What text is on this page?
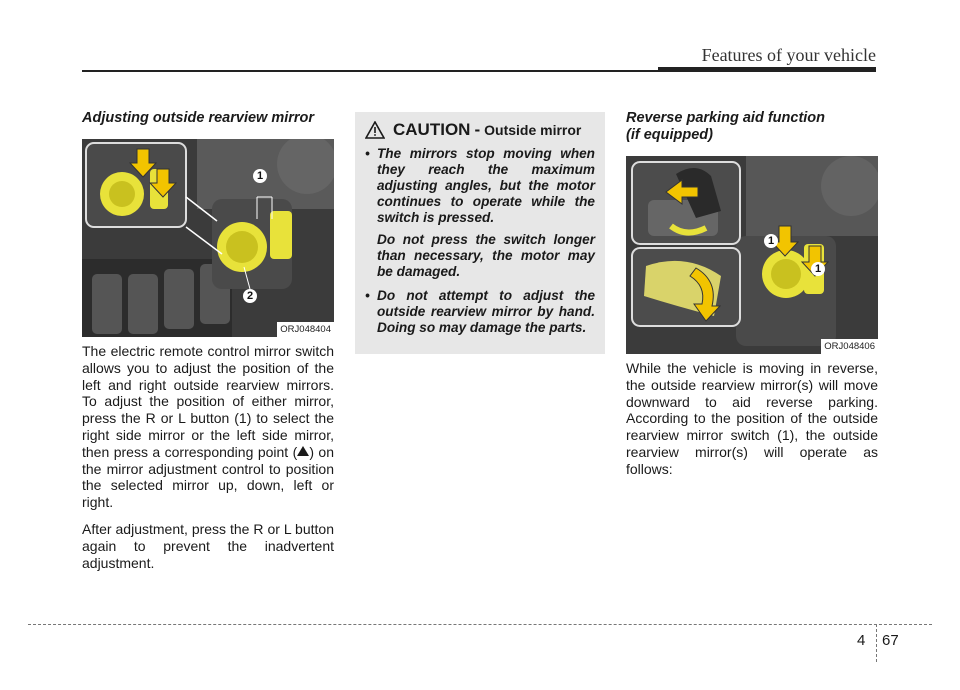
Features of your vehicle
Adjusting outside rearview mirror
1
2
ORJ048404

The electric remote control mirror switch allows you to adjust the position of the left and right outside rearview mirrors. To adjust the position of either mirror, press the R or L button (1) to select the right side mirror or the left side mirror, then press a corresponding point ( ) on the mirror adjustment control to position the selected mirror up, down, left or right.

After adjustment, press the R or L button again to prevent the inadvertent adjustment.

CAUTION - Outside mirror
• The mirrors stop moving when they reach the maximum adjusting angles, but the motor continues to operate while the switch is pressed.

Do not press the switch longer than necessary, the motor may be damaged.

• Do not attempt to adjust the outside rearview mirror by hand. Doing so may damage the parts.

Reverse parking aid function
(if equipped)
1
1
ORJ048406

While the vehicle is moving in reverse, the outside rearview mirror(s) will move downward to aid reverse parking. According to the position of the outside rearview mirror switch (1), the outside rearview mirror(s) will operate as follows:

4 67
